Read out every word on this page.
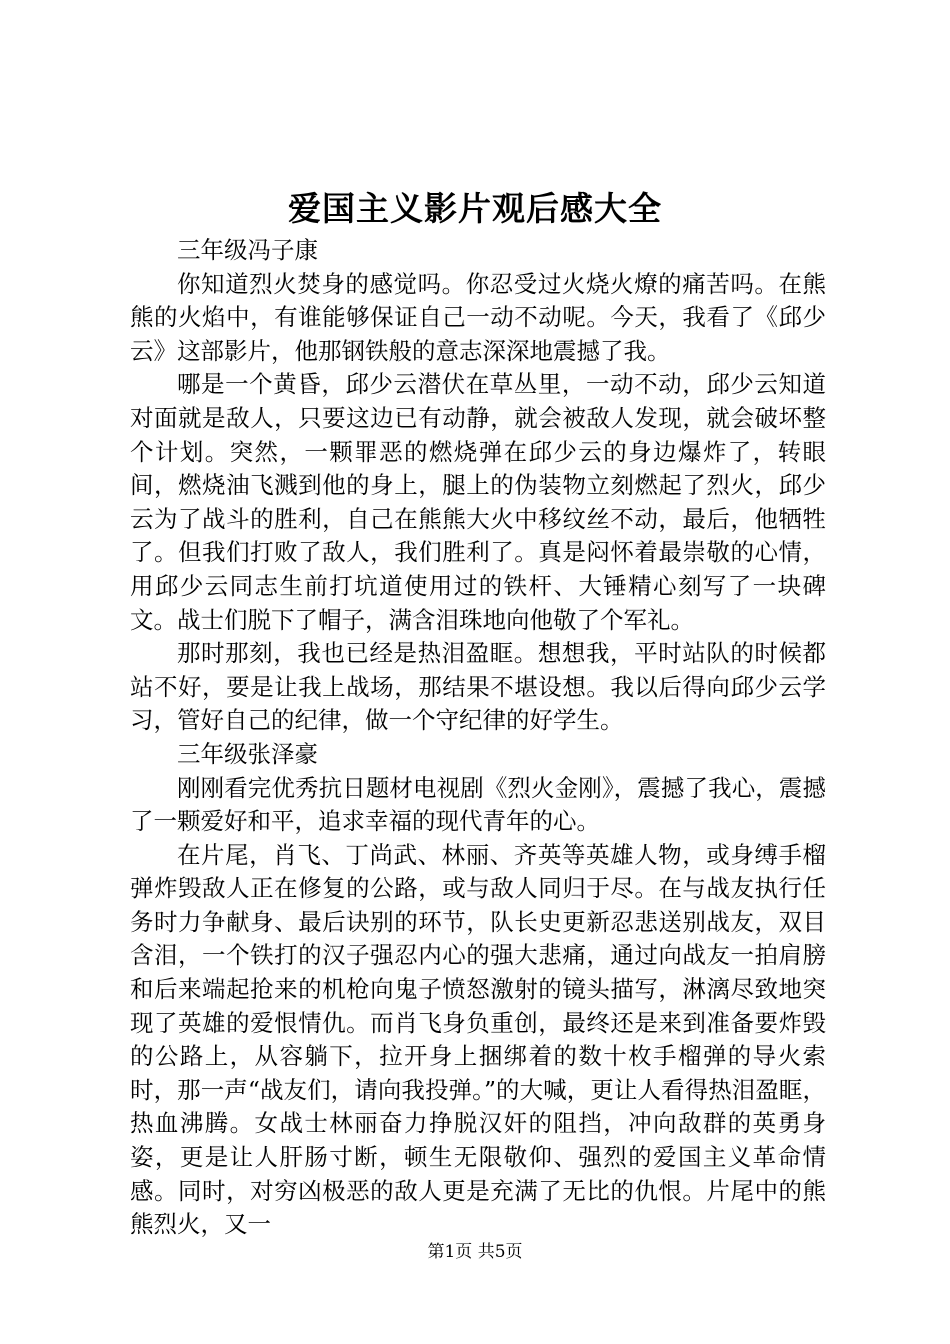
爱国主义影片观后感大全

三年级冯子康

你知道烈火焚身的感觉吗。你忍受过火烧火燎的痛苦吗。在熊熊的火焰中，有谁能够保证自己一动不动呢。今天，我看了《邱少云》这部影片，他那钢铁般的意志深深地震撼了我。

哪是一个黄昏，邱少云潜伏在草丛里，一动不动，邱少云知道对面就是敌人，只要这边已有动静，就会被敌人发现，就会破坏整个计划。突然，一颗罪恶的燃烧弹在邱少云的身边爆炸了，转眼间，燃烧油飞溅到他的身上，腿上的伪装物立刻燃起了烈火，邱少云为了战斗的胜利，自己在熊熊大火中移纹丝不动，最后，他牺牲了。但我们打败了敌人，我们胜利了。真是闷怀着最崇敬的心情，用邱少云同志生前打坑道使用过的铁杆、大锤精心刻写了一块碑文。战士们脱下了帽子，满含泪珠地向他敬了个军礼。

那时那刻，我也已经是热泪盈眶。想想我，平时站队的时候都站不好，要是让我上战场，那结果不堪设想。我以后得向邱少云学习，管好自己的纪律，做一个守纪律的好学生。

三年级张泽豪

刚刚看完优秀抗日题材电视剧《烈火金刚》，震撼了我心，震撼了一颗爱好和平，追求幸福的现代青年的心。

在片尾，肖飞、丁尚武、林丽、齐英等英雄人物，或身缚手榴弹炸毁敌人正在修复的公路，或与敌人同归于尽。在与战友执行任务时力争献身、最后诀别的环节，队长史更新忍悲送别战友，双目含泪，一个铁打的汉子强忍内心的强大悲痛，通过向战友一拍肩膀和后来端起抢来的机枪向鬼子愤怒激射的镜头描写，淋漓尽致地突现了英雄的爱恨情仇。而肖飞身负重创，最终还是来到准备要炸毁的公路上，从容躺下，拉开身上捆绑着的数十枚手榴弹的导火索时，那一声“战友们，请向我投弹。”的大喊，更让人看得热泪盈眶，热血沸腾。女战士林丽奋力挣脱汉奸的阻挡，冲向敌群的英勇身姿，更是让人肝肠寸断，顿生无限敬仰、强烈的爱国主义革命情感。同时，对穷凶极恶的敌人更是充满了无比的仇恨。片尾中的熊熊烈火，又一

第1页 共5页
